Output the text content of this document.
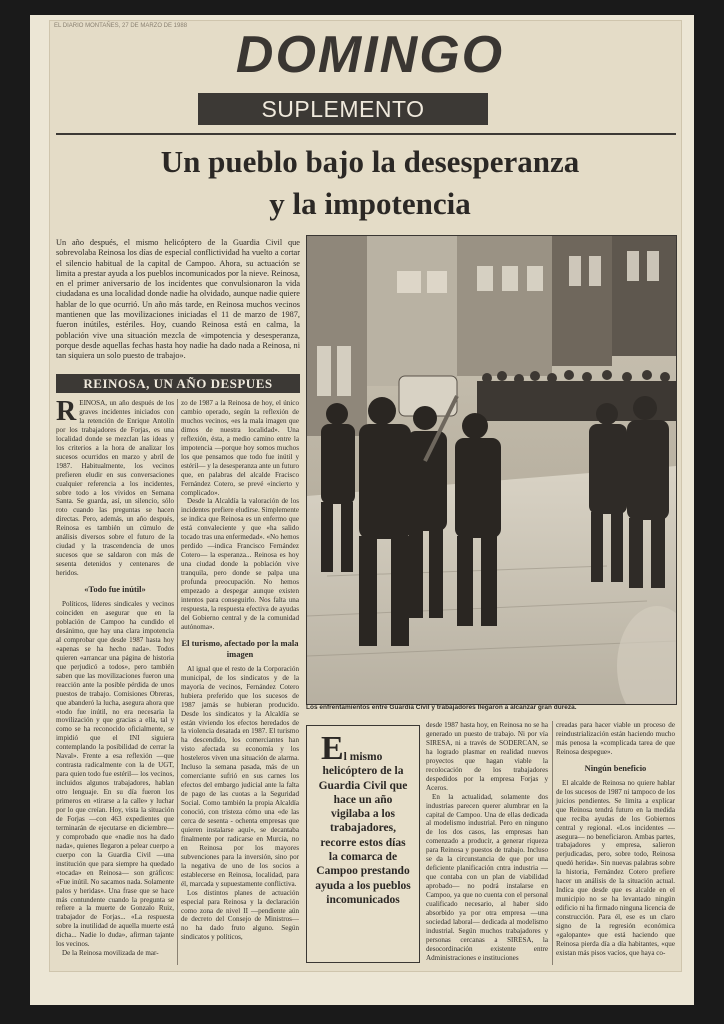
EL DIARIO MONTAÑES, 27 DE MARZO DE 1988 DOMINGO
SUPLEMENTO
Un pueblo bajo la desesperanza
y la impotencia

Un año después, el mismo helicóptero de la Guardia Civil que sobrevolaba Reinosa los días de especial conflictividad ha vuelto a cortar el silencio habitual de la capital de Campoo. Ahora, su actuación se limita a prestar ayuda a los pueblos incomunicados por la nieve. Reinosa, en el primer aniversario de los incidentes que convulsionaron la vida ciudadana es una localidad donde nadie ha olvidado, aunque nadie quiere hablar de lo que ocurrió. Un año más tarde, en Reinosa muchos vecinos mantienen que las movilizaciones iniciadas el 11 de marzo de 1987, fueron inútiles, estériles. Hoy, cuando Reinosa está en calma, la población vive una situación mezcla de «impotencia y desesperanza, porque desde aquellas fechas hasta hoy nadie ha dado nada a Reinosa, ni tan siquiera un solo puesto de trabajo».

REINOSA, UN AÑO DESPUES
Los enfrentamientos entre Guardia Civil y trabajadores llegaron a alcanzar gran dureza.

REINOSA, un año después de los graves incidentes iniciados con la retención de Enrique Antolín por los trabajadores de Forjas, es una localidad donde se mezclan las ideas y los criterios a la hora de analizar los sucesos ocurridos en marzo y abril de 1987. Habitualmente, los vecinos prefieren eludir en sus conversaciones cualquier referencia a los incidentes, sobre todo a los vividos en Semana Santa. Se guarda, así, un silencio, sólo roto cuando las preguntas se hacen directas. Pero, además, un año después, Reinosa es también un cúmulo de análisis diversos sobre el futuro de la ciudad y la trascendencia de unos sucesos que se saldaron con más de sesenta detenidos y centenares de heridos.

«Todo fue inútil»

Políticos, líderes sindicales y vecinos coinciden en asegurar que en la población de Campoo ha cundido el desánimo, que hay una clara impotencia al comprobar que desde 1987 hasta hoy «apenas se ha hecho nada». Todos quieren «arrancar una página de historia que perjudicó a todos», pero también saben que las movilizaciones fueron una reacción ante la posible pérdida de unos puestos de trabajo. Comisiones Obreras, que abanderó la lucha, asegura ahora que «todo fue inútil, no era necesaria la movilización y que gracias a ella, tal y como se ha reconocido oficialmente, se impidió que el INI siguiera contemplando la posibilidad de cerrar la Naval». Frente a esa reflexión —que contrasta radicalmente con la de UGT, para quien todo fue estéril— los vecinos, incluidos algunos trabajadores, hablan otro lenguaje. En su día fueron los primeros en «tirarse a la calle» y luchar por lo que creían. Hoy, vista la situación de Forjas —con 463 expedientes que terminarán de ejecutarse en diciembre— y comprobado que «nadie nos ha dado nada», quienes llegaron a pelear cuerpo a cuerpo con la Guardia Civil —una institución que para siempre ha quedado «tocada» en Reinosa— son gráficos: «Fue inútil. No sacamos nada. Solamente palos y heridas». Una frase que se hace más contundente cuando la pregunta se refiere a la muerte de Gonzalo Ruiz, trabajador de Forjas... «La respuesta sobre la inutilidad de aquella muerte está dicha... Nadie lo duda», afirman tajante los vecinos.

De la Reinosa movilizada de mar-

zo de 1987 a la Reinosa de hoy, el único cambio operado, según la reflexión de muchos vecinos, «es la mala imagen que dimos de nuestra localidad». Una reflexión, ésta, a medio camino entre la impotencia —porque hoy somos muchos los que pensamos que todo fue inútil y estéril— y la desesperanza ante un futuro que, en palabras del alcalde Fracisco Fernández Cotero, se prevé «incierto y complicado».

Desde la Alcaldía la valoración de los incidentes prefiere eludirse. Simplemente se indica que Reinosa es un enfermo que está convaleciente y que «ha salido tocado tras una enfermedad». «No hemos perdido —indica Francisco Fernández Cotero— la esperanza... Reinosa es hoy una ciudad donde la población vive tranquila, pero donde se palpa una profunda preocupación. No hemos empezado a despegar aunque existen intentos para conseguirlo. Nos falta una respuesta, la respuesta efectiva de ayudas del Gobierno central y de la comunidad autónoma».

El turismo, afectado por la mala imagen

Al igual que el resto de la Corporación municipal, de los sindicatos y de la mayoría de vecinos, Fernández Cotero hubiera preferido que los sucesos de 1987 jamás se hubieran producido. Desde los sindicatos y la Alcaldía se están viviendo los efectos heredados de la violencia desatada en 1987. El turismo ha descendido, los comerciantes han visto afectada su economía y los hosteleros viven una situación de alarma. Incluso la semana pasada, más de un comerciante sufrió en sus carnes los efectos del embargo judicial ante la falta de pago de las cuotas a la Seguridad Social. Como también la propia Alcaldía conoció, con tristeza cómo una «de las cerca de sesenta - ochenta empresas que quieren instalarse aquí», se decantaba finalmente por radicarse en Murcia, no en Reinosa por los mayores subvenciones para la inversión, sino por la negativa de uno de los socios a establecerse en Reinosa, localidad, para él, marcada y supuestamente conflictiva.

Los distintos planes de actuación especial para Reinosa y la declaración como zona de nivel II —pendiente aún de decreto del Consejo de Ministros— no ha dado fruto alguno. Según sindicatos y políticos,

E l mismo helicóptero de la Guardia Civil que hace un año vigilaba a los trabajadores, recorre estos días la comarca de Campoo prestando ayuda a los pueblos incomunicados

desde 1987 hasta hoy, en Reinosa no se ha generado un puesto de trabajo. Ni por vía SIRESA, ni a través de SODERCAN, se ha logrado plasmar en realidad nuevos proyectos que hagan viable la recolocación de los trabajadores despedidos por la empresa Forjas y Aceros.

En la actualidad, solamente dos industrias parecen querer alumbrar en la capital de Campoo. Una de ellas dedicada al modelismo industrial. Pero en ninguno de los dos casos, las empresas han comenzado a producir, a generar riqueza para Reinosa y puestos de trabajo. Incluso se da la circunstancia de que por una deficiente planificación cntra industria —que contaba con un plan de viabilidad aprobado— no podrá instalarse en Campoo, ya que no cuenta con el personal cualificado necesario, al haber sido absorbido ya por otra empresa —una sociedad laboral— dedicada al modelismo industrial. Según muchos trabajadores y personas cercanas a SIRESA, la desocordinación existente entre Administraciones e instituciones

creadas para hacer viable un proceso de reindustrialización están haciendo mucho más penosa la «complicada tarea de que Reinosa despegue».

Ningún beneficio

El alcalde de Reinosa no quiere hablar de los sucesos de 1987 ni tampoco de los juicios pendientes. Se limita a explicar que Reinosa tendrá futuro en la medida que reciba ayudas de los Gobiernos central y regional. «Los incidentes —asegura— no beneficiaron. Ambas partes, trabajadores y empresa, salieron perjudicadas, pero, sobre todo, Reinosa quedó herida». Sin nuevas palabras sobre la historia, Fernández Cotero prefiere hacer un análisis de la situación actual. Indica que desde que es alcalde en el municipio no se ha levantado ningún edificio ni ha firmado ninguna licencia de construcción. Para él, ese es un claro signo de la regresión económica «galopante» que está haciendo que Reinosa pierda día a día habitantes, «que existan más pisos vacíos, que haya co-
